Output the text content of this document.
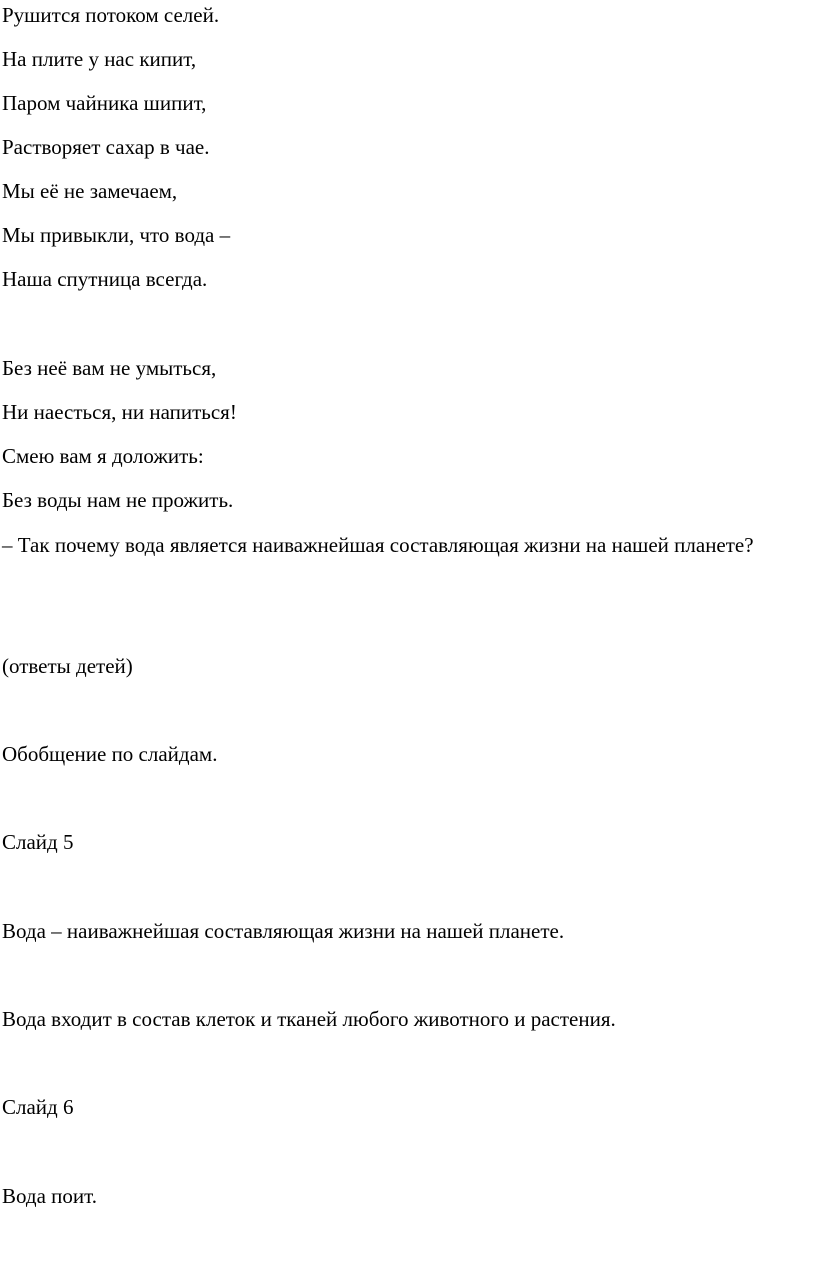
Рушится потоком селей.

На плите у нас кипит,

Паром чайника шипит,

Растворяет сахар в чае.

Мы её не замечаем,

Мы привыкли, что вода –

Наша спутница всегда.

Без неё вам не умыться,

Ни наесться, ни напиться!

Смею вам я доложить:

Без воды нам не прожить.

– Так почему вода является наиважнейшая составляющая жизни на нашей планете?

(ответы детей)

Обобщение по слайдам.

Слайд 5

Вода – наиважнейшая составляющая жизни на нашей планете.

Вода входит в состав клеток и тканей любого животного и растения.

Слайд 6

Вода поит.
